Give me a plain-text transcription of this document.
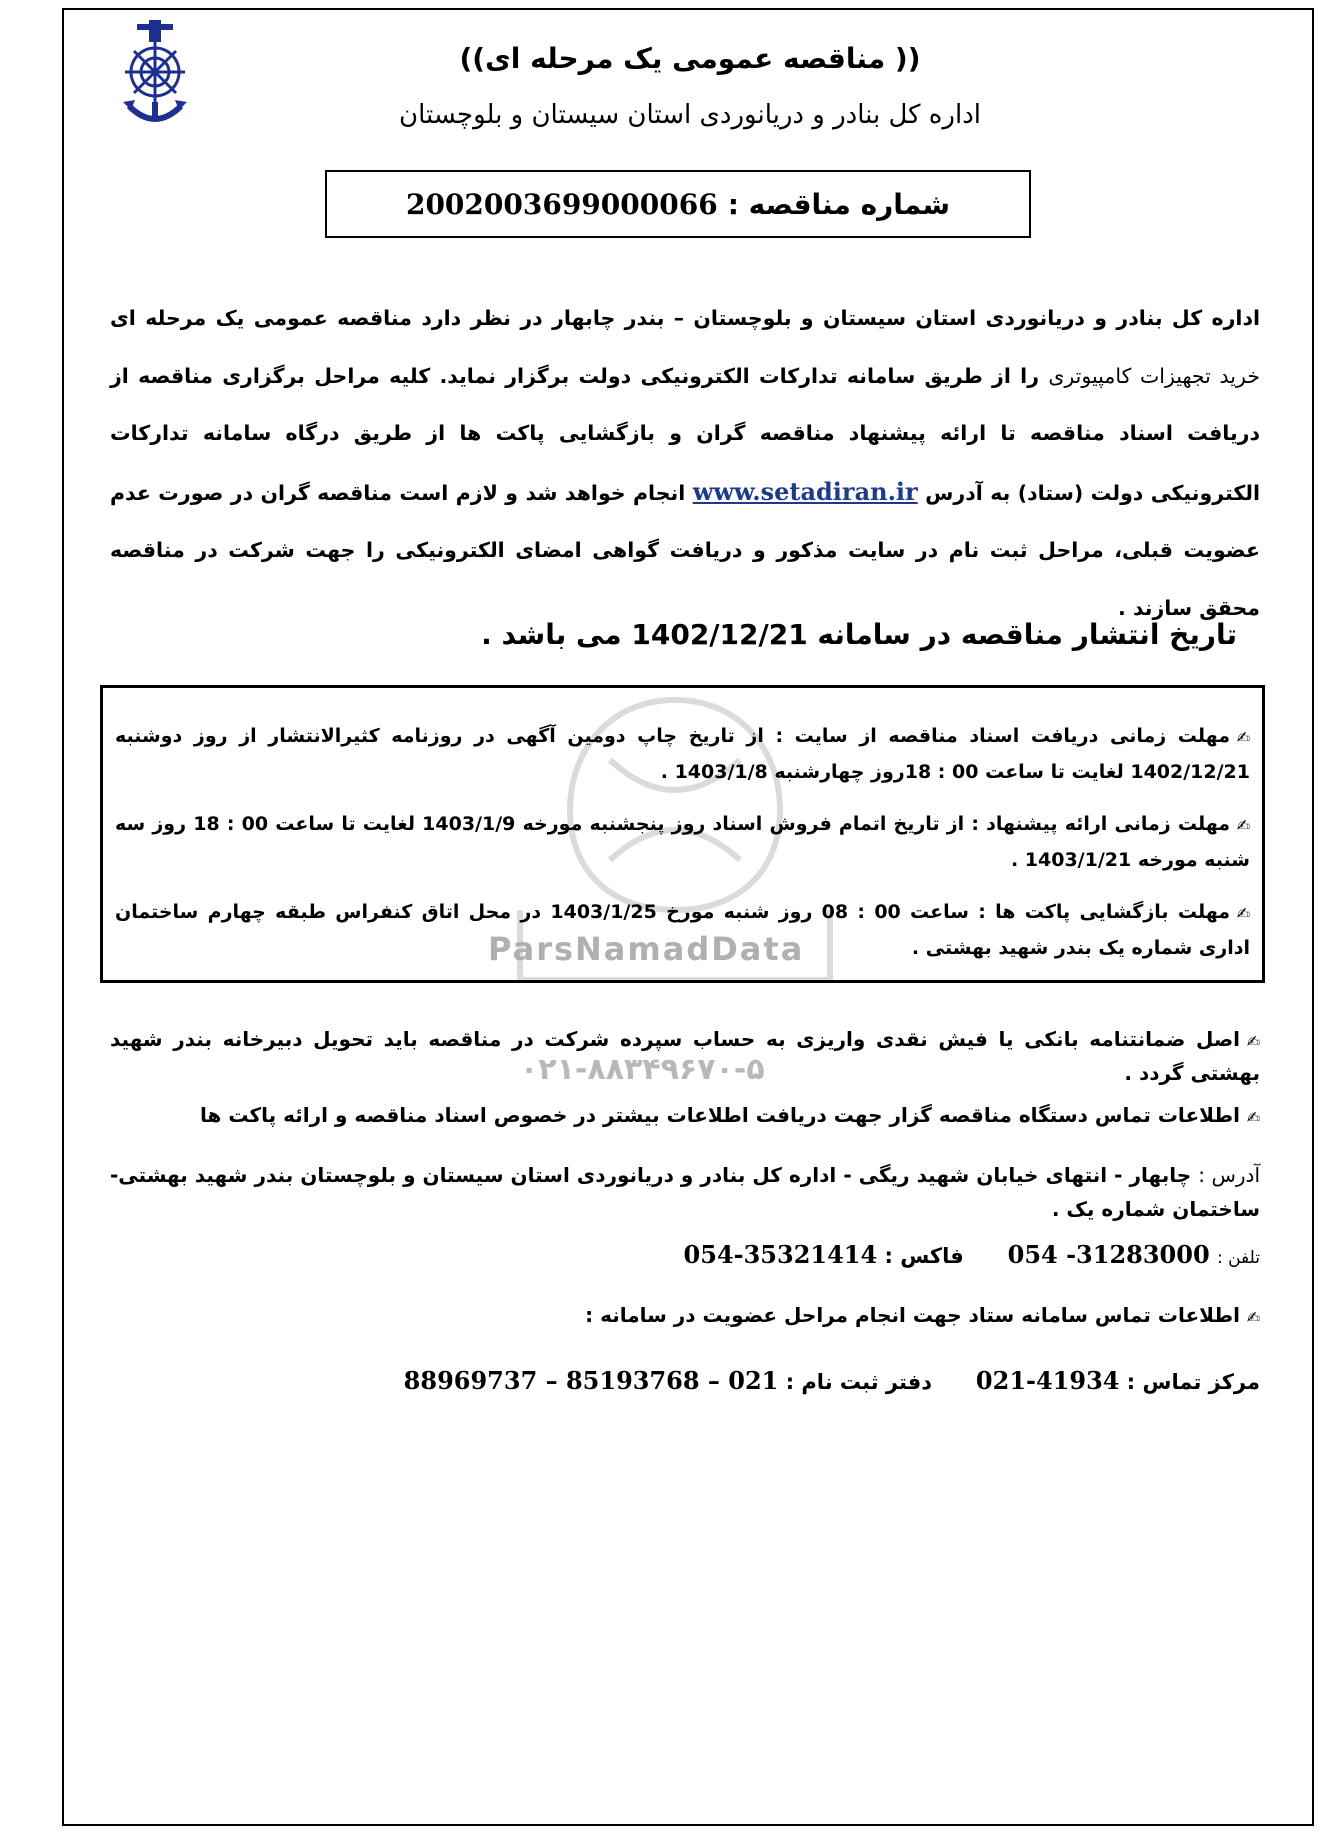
(( مناقصه عمومی یک مرحله ای))
اداره کل بنادر و دریانوردی استان سیستان و بلوچستان
شماره مناقصه :
2002003699000066
اداره کل بنادر و دریانوردی استان سیستان و بلوچستان – بندر چابهار در نظر دارد مناقصه عمومی یک مرحله ای خرید تجهیزات کامپیوتری را از طریق سامانه تدارکات الکترونیکی دولت برگزار نماید. کلیه مراحل برگزاری مناقصه از دریافت اسناد مناقصه تا ارائه پیشنهاد مناقصه گران و بازگشایی پاکت ها از طریق درگاه سامانه تدارکات الکترونیکی دولت (ستاد) به آدرس www.setadiran.ir انجام خواهد شد و لازم است مناقصه گران در صورت عدم عضویت قبلی، مراحل ثبت نام در سایت مذکور و دریافت گواهی امضای الکترونیکی را جهت شرکت در مناقصه محقق سازند .
تاریخ انتشار مناقصه در سامانه 1402/12/21 می باشد .
ParsNamadData
✍مهلت زمانی دریافت اسناد مناقصه از سایت : از تاریخ چاپ دومین آگهی در روزنامه کثیرالانتشار از روز دوشنبه 1402/12/21 لغایت تا ساعت 00 : 18روز چهارشنبه 1403/1/8 .
✍مهلت زمانی ارائه پیشنهاد : از تاریخ اتمام فروش اسناد روز پنجشنبه مورخه 1403/1/9 لغایت تا ساعت 00 : 18 روز سه شنبه مورخه 1403/1/21 .
✍مهلت بازگشایی پاکت ها : ساعت 00 : 08 روز شنبه مورخ 1403/1/25 در محل اتاق کنفراس طبقه چهارم ساختمان اداری شماره یک بندر شهید بهشتی .
۰۲۱-۸۸۳۴۹۶۷۰-۵
✍اصل ضمانتنامه بانکی یا فیش نقدی واریزی به حساب سپرده شرکت در مناقصه باید تحویل دبیرخانه بندر شهید بهشتی گردد .
✍اطلاعات تماس دستگاه مناقصه گزار جهت دریافت اطلاعات بیشتر در خصوص اسناد مناقصه و ارائه پاکت ها
آدرس : چابهار - انتهای خیابان شهید ریگی - اداره کل بنادر و دریانوردی استان سیستان و بلوچستان بندر شهید بهشتی- ساختمان شماره یک .
تلفن : 054 -31283000      فاکس : 054-35321414
✍اطلاعات تماس سامانه ستاد جهت انجام مراحل عضویت در سامانه :
مرکز تماس : 021-41934      دفتر ثبت نام : 88969737 – 85193768 – 021
